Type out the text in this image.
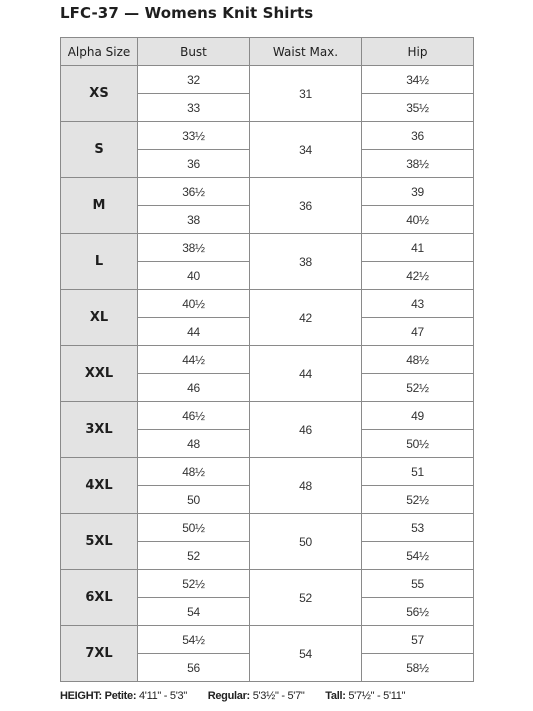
LFC-37 — Womens Knit Shirts
Alpha Size	Bust	Waist Max.	Hip
XS	32	31	34½
	33		35½
S	33½	34	36
	36		38½
M	36½	36	39
	38		40½
L	38½	38	41
	40		42½
XL	40½	42	43
	44		47
XXL	44½	44	48½
	46		52½
3XL	46½	46	49
	48		50½
4XL	48½	48	51
	50		52½
5XL	50½	50	53
	52		54½
6XL	52½	52	55
	54		56½
7XL	54½	54	57
	56		58½
HEIGHT: Petite: 4'11" - 5'3" Regular: 5'3½" - 5'7" Tall: 5'7½" - 5'11"
